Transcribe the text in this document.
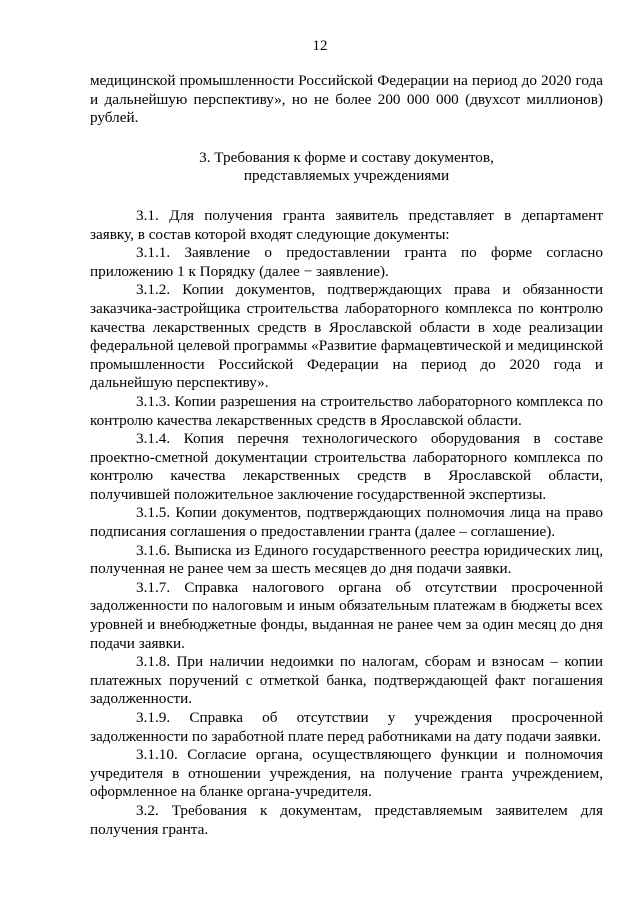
12

медицинской промышленности Российской Федерации на период до 2020 года и дальнейшую перспективу», но не более 200 000 000 (двухсот миллионов) рублей.

3. Требования к форме и составу документов,
представляемых учреждениями

3.1. Для получения гранта заявитель представляет в департамент заявку, в состав которой входят следующие документы:

3.1.1. Заявление о предоставлении гранта по форме согласно приложению 1 к Порядку (далее − заявление).

3.1.2. Копии документов, подтверждающих права и обязанности заказчика-застройщика строительства лабораторного комплекса по контролю качества лекарственных средств в Ярославской области в ходе реализации федеральной целевой программы «Развитие фармацевтической и медицинской промышленности Российской Федерации на период до 2020 года и дальнейшую перспективу».

3.1.3. Копии разрешения на строительство лабораторного комплекса по контролю качества лекарственных средств в Ярославской области.

3.1.4. Копия перечня технологического оборудования в составе проектно-сметной документации строительства лабораторного комплекса по контролю качества лекарственных средств в Ярославской области, получившей положительное заключение государственной экспертизы.

3.1.5. Копии документов, подтверждающих полномочия лица на право подписания соглашения о предоставлении гранта (далее – соглашение).

3.1.6. Выписка из Единого государственного реестра юридических лиц, полученная не ранее чем за шесть месяцев до дня подачи заявки.

3.1.7. Справка налогового органа об отсутствии просроченной задолженности по налоговым и иным обязательным платежам в бюджеты всех уровней и внебюджетные фонды, выданная не ранее чем за один месяц до дня подачи заявки.

3.1.8. При наличии недоимки по налогам, сборам и взносам – копии платежных поручений с отметкой банка, подтверждающей факт погашения задолженности.

3.1.9. Справка об отсутствии у учреждения просроченной задолженности по заработной плате перед работниками на дату подачи заявки.

3.1.10. Согласие органа, осуществляющего функции и полномочия учредителя в отношении учреждения, на получение гранта учреждением, оформленное на бланке органа-учредителя.

3.2. Требования к документам, представляемым заявителем для получения гранта.
